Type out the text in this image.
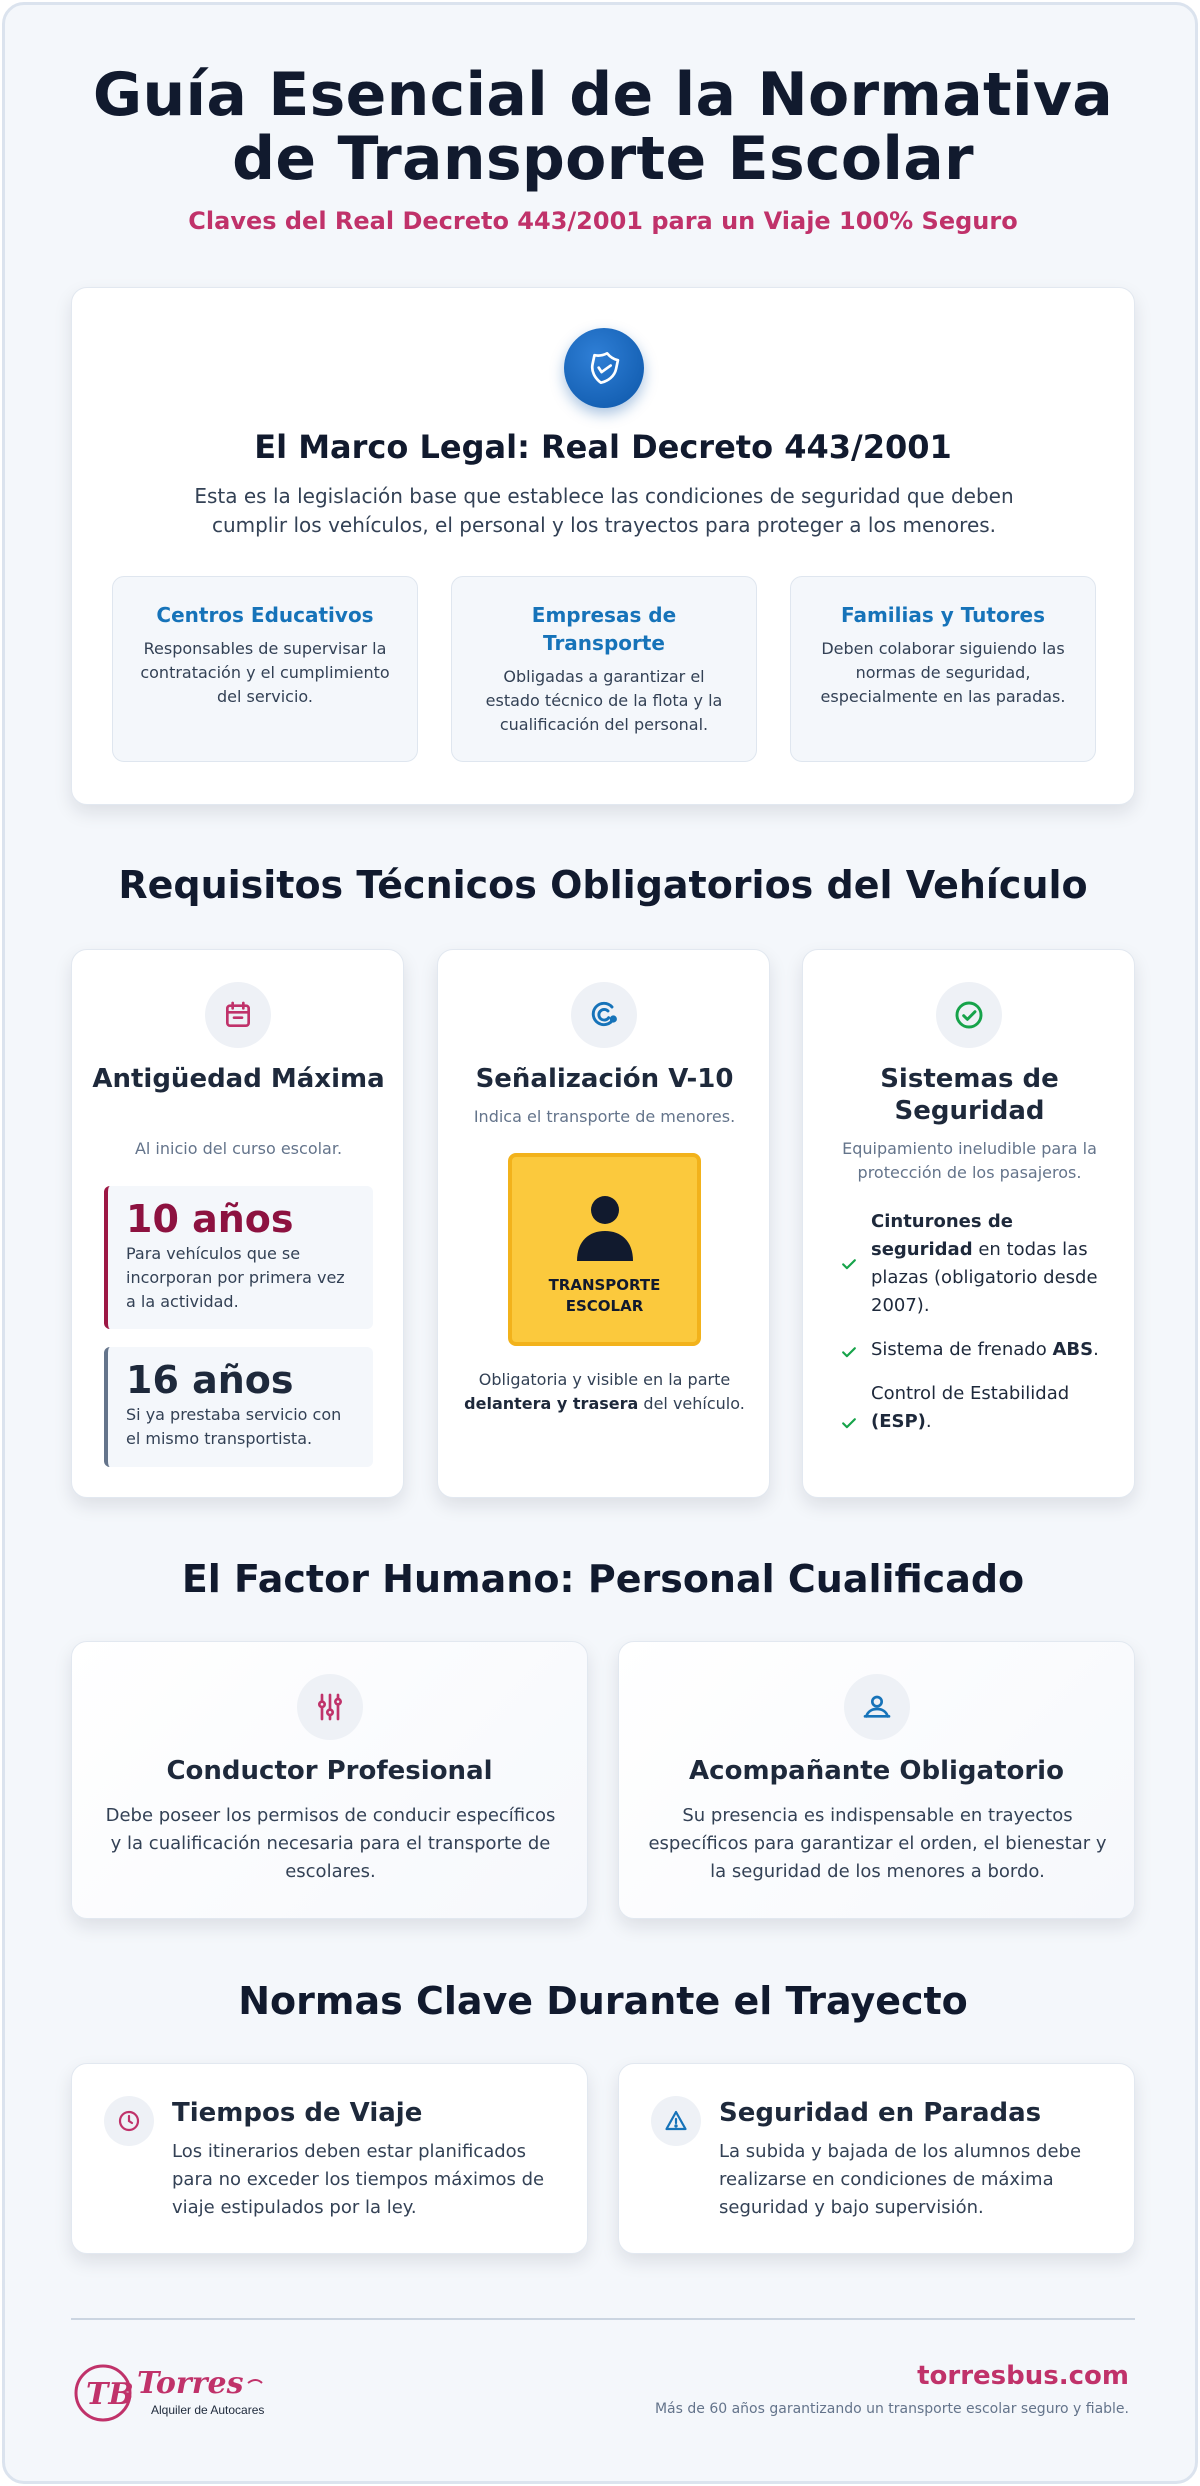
Guía Esencial de la Normativa
de Transporte Escolar
Claves del Real Decreto 443/2001 para un Viaje 100% Seguro
El Marco Legal: Real Decreto 443/2001

Esta es la legislación base que establece las condiciones de seguridad que deben cumplir los vehículos, el personal y los trayectos para proteger a los menores.

Centros Educativos

Responsables de supervisar la contratación y el cumplimiento del servicio.

Empresas de Transporte

Obligadas a garantizar el estado técnico de la flota y la cualificación del personal.

Familias y Tutores

Deben colaborar siguiendo las normas de seguridad, especialmente en las paradas.

Requisitos Técnicos Obligatorios del Vehículo
Antigüedad Máxima

Al inicio del curso escolar.

10 años
Para vehículos que se incorporan por primera vez a la actividad.
16 años
Si ya prestaba servicio con el mismo transportista.
Señalización V-10

Indica el transporte de menores.

TRANSPORTE
ESCOLAR

Obligatoria y visible en la parte delantera y trasera del vehículo.

Sistemas de Seguridad

Equipamiento ineludible para la protección de los pasajeros.

Cinturones de seguridad en todas las plazas (obligatorio desde 2007).
Sistema de frenado ABS.
Control de Estabilidad (ESP).
El Factor Humano: Personal Cualificado
Conductor Profesional

Debe poseer los permisos de conducir específicos y la cualificación necesaria para el transporte de escolares.

Acompañante Obligatorio

Su presencia es indispensable en trayectos específicos para garantizar el orden, el bienestar y la seguridad de los menores a bordo.

Normas Clave Durante el Trayecto
Tiempos de Viaje

Los itinerarios deben estar planificados para no exceder los tiempos máximos de viaje estipulados por la ley.

Seguridad en Paradas

La subida y bajada de los alumnos debe realizarse en condiciones de máxima seguridad y bajo supervisión.

TB Torres
Alquiler de Autocares
torresbus.com
Más de 60 años garantizando un transporte escolar seguro y fiable.
